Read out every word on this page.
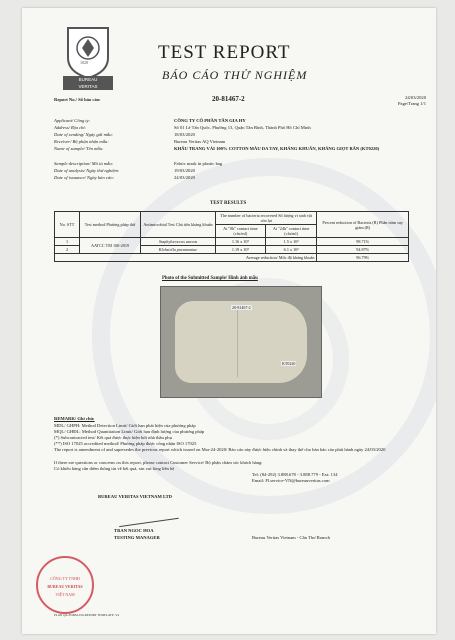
BUREAU
VERITAS
1828	TEST REPORT
BÁO CÁO THỬ NGHIỆM
Report No./ Số báo cáo:	20-81467-2	24/03/2020
Page/Trang 1/1
Applicant/ Công ty:	CÔNG TY CỔ PHẦN TÂN GIA HY
Address/ Địa chỉ:	Số 01 Lê Tấn Quốc, Phường 13, Quận Tân Bình, Thành Phố Hồ Chí Minh
Date of sending/ Ngày gửi mẫu:	18/03/2020
Receiver/ Bộ phận nhận mẫu:	Bureau Veritas AQ Vietnam
Name of sample/ Tên mẫu:	KHẨU TRANG VẢI 100% COTTON MÀU DA TAY, KHÁNG KHUẨN, KHÁNG GIỌT BẮN (KT0220)
Sample description/ Mô tả mẫu:	Fabric mask in plastic bag
Date of analysis/ Ngày thử nghiệm:	19/03/2020
Date of issuance/ Ngày báo cáo:	24/03/2020
TEST RESULTS
No. STT	Test method Phương pháp thử	Antimicrobial Test Chủ tiêu kháng khuẩn	The number of bacteria recovered Số lượng vi sinh vật còn lại		Percent reduction of Bacteria (R) Phần trăm suy giảm (R)
			At "0h" contact time (cfu/ml)	At "24h" contact time (cfu/ml)	
1	AATCC TM 100-2019	Staphylococcus aureus	1.16 x 10⁵	1.5 x 10³	98.71%
2		Klebsiella pneumoniae	1.19 x 10⁵	6.1 x 10³	94.87%
Average reduction/ Mức độ kháng khuẩn					96.79%
Photo of the Submitted Sample/ Hình ảnh mẫu
20-81467-2
KT0220
REMARK/ Ghi chú:
MDL/ GHPH: Method Detection Limit/ Giới hạn phát hiện của phương pháp
MQL/ GHĐL: Method Quantitation Limit/ Giới hạn định lượng của phương pháp
(*) Subcontracted test/ Kết quả được thực hiện bởi nhà thầu phụ
(**) ISO 17025 accredited method/ Phương pháp được công nhận ISO 17025
The report is amendment of and supersedes the previous report which issued on Mar-24-2020/ Báo cáo này được hiệu chỉnh và thay thế cho bản báo cáo phát hành ngày 24/03/2020
If there are questions or concerns on this report, please contact Customer Service/ Bộ phận chăm sóc khách hàng:
Có khiếu hàng cần thêm thông tin về kết quả, xin vui lòng liên hệ
Tel: (84-292) 3.888.678 - 3.888.779 - Ext: 134
Email: Fl.service-VN@bureauveritas.com
BUREAU VERITAS VIETNAM LTD
TRAN NGOC HOA
TESTING MANAGER	Bureau Veritas Vietnam - Cần Thơ Branch
CÔNG TY TNHH
BUREAU VERITAS
VIỆT NAM
PLAN QA-FORM-019-REPORT TEMPLATE. V4
